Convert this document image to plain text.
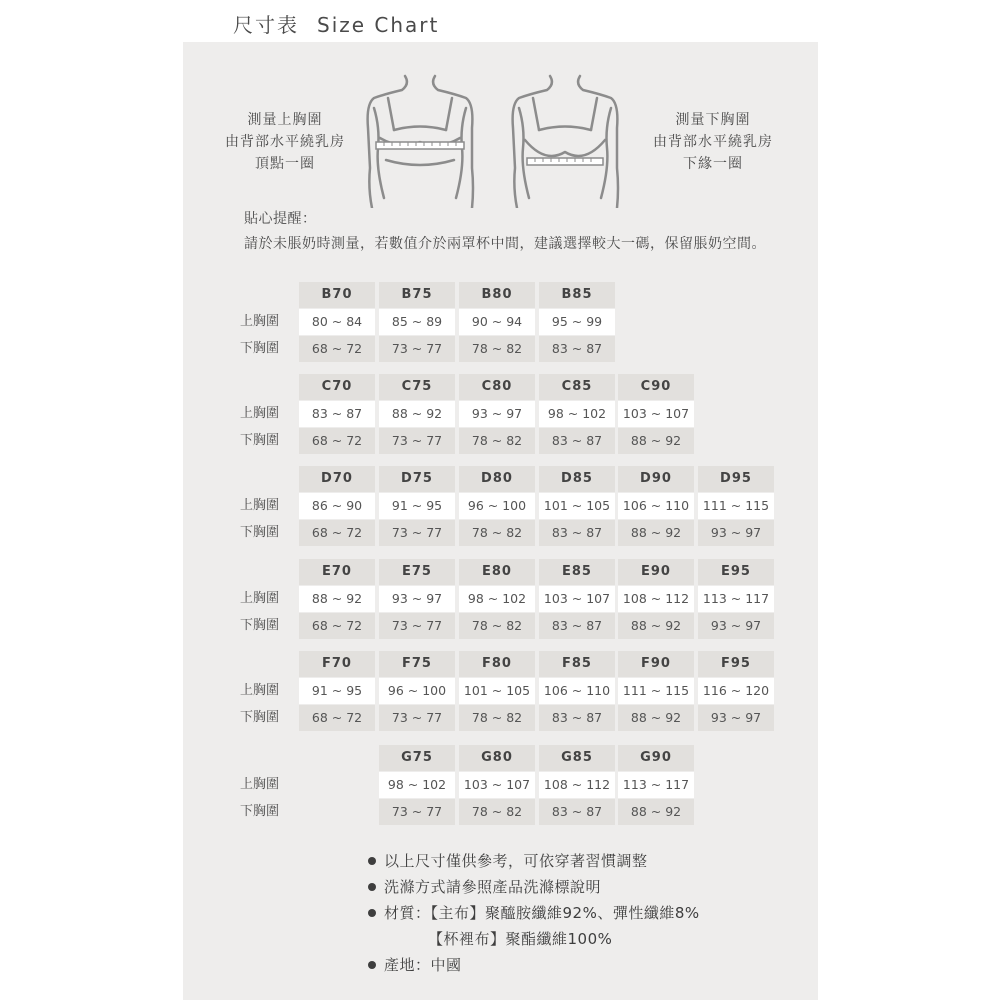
尺寸表 Size Chart
測量上胸圍
由背部水平繞乳房
頂點一圈
測量下胸圍
由背部水平繞乳房
下緣一圈
貼心提醒：
請於未脹奶時測量，若數值介於兩罩杯中間，建議選擇較大一碼，保留脹奶空間。
B70	B75	B80	B85
上胸圍	80 ~ 84	85 ~ 89	90 ~ 94	95 ~ 99
下胸圍	68 ~ 72	73 ~ 77	78 ~ 82	83 ~ 87
C70	C75	C80	C85	C90
上胸圍	83 ~ 87	88 ~ 92	93 ~ 97	98 ~ 102	103 ~ 107
下胸圍	68 ~ 72	73 ~ 77	78 ~ 82	83 ~ 87	88 ~ 92
D70	D75	D80	D85	D90	D95
上胸圍	86 ~ 90	91 ~ 95	96 ~ 100	101 ~ 105	106 ~ 110	111 ~ 115
下胸圍	68 ~ 72	73 ~ 77	78 ~ 82	83 ~ 87	88 ~ 92	93 ~ 97
E70	E75	E80	E85	E90	E95
上胸圍	88 ~ 92	93 ~ 97	98 ~ 102	103 ~ 107	108 ~ 112	113 ~ 117
下胸圍	68 ~ 72	73 ~ 77	78 ~ 82	83 ~ 87	88 ~ 92	93 ~ 97
F70	F75	F80	F85	F90	F95
上胸圍	91 ~ 95	96 ~ 100	101 ~ 105	106 ~ 110	111 ~ 115	116 ~ 120
下胸圍	68 ~ 72	73 ~ 77	78 ~ 82	83 ~ 87	88 ~ 92	93 ~ 97
G75	G80	G85	G90
上胸圍	98 ~ 102	103 ~ 107	108 ~ 112	113 ~ 117
下胸圍	73 ~ 77	78 ~ 82	83 ~ 87	88 ~ 92
以上尺寸僅供參考，可依穿著習慣調整
洗滌方式請參照產品洗滌標說明
材質：【主布】聚醯胺纖維92%、彈性纖維8%
【杯裡布】聚酯纖維100%
產地：中國
